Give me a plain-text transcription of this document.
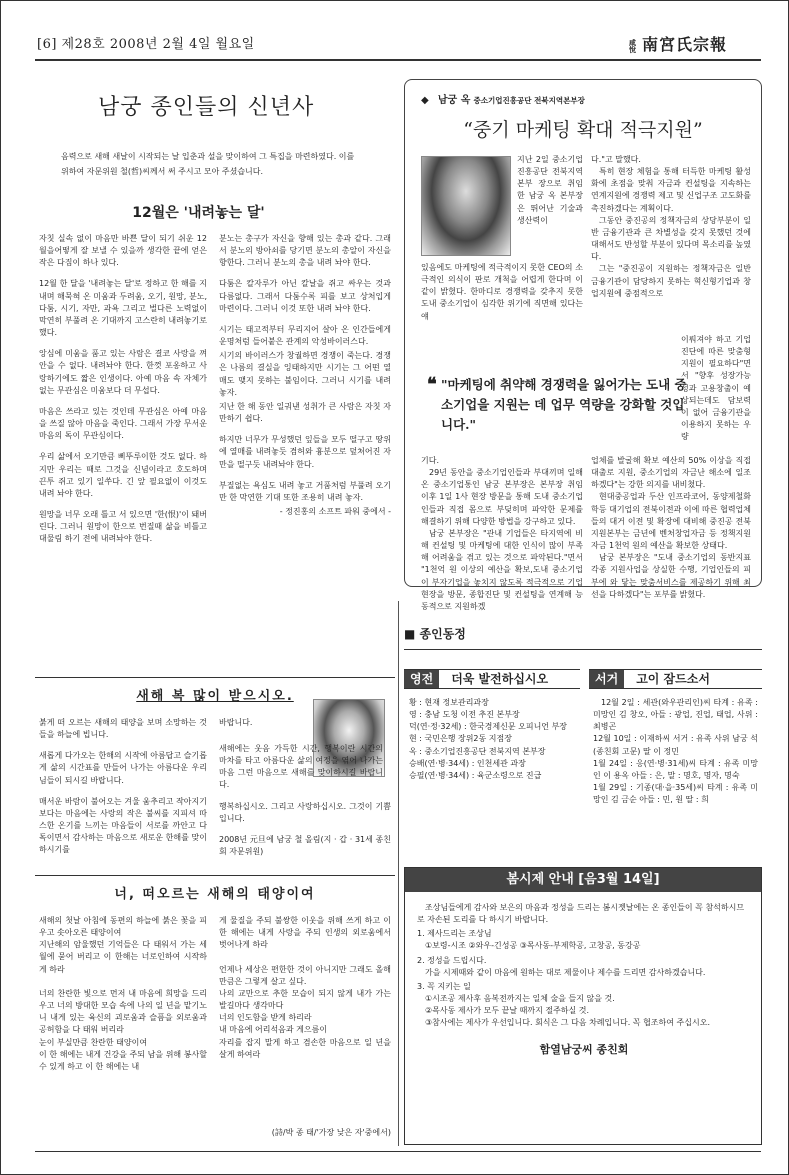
[6] 제28호 2008년 2월 4일 월요일	咸悅 南宮氏宗報
남궁 종인들의 신년사
음력으로 새해 새날이 시작되는 날 입춘과 설을 맞이하여 그 특집을 마련하였다. 이를 위하여 자문위원 철(哲)씨께서 써 주시고 모아 주셨습니다.
12월은 '내려놓는 달'

자칫 실속 없이 마음만 바쁜 달이 되기 쉬운 12월을어떻게 잘 보낼 수 있을까 생각한 끝에 얻은 작은 다짐이 하나 있다.

12월 한 달을 '내려놓는 달'로 정하고 한 해를 지내며 해묵혀 온 미움과 두려움, 오기, 원망, 분노, 다툼, 시기, 자만, 과욕 그리고 벌다른 노력없이 막연히 부풀려 온 기대까지 고스란히 내려놓기로 했다.

앙심에 미움을 품고 있는 사람은 결코 사랑을 껴안을 수 없다. 내려놔야 한다. 한껏 포옹하고 사랑하기에도 짧은 인생이다. 아예 마음 속 자체가 없는 무관심은 미움보다 더 무섭다.

마음은 쓰라고 있는 것인데 무관심은 아예 마음을 쓰질 않아 마음을 죽인다. 그래서 가장 무서운 마음의 독이 무관심이다.

우리 삶에서 오기만큼 삐뚜루이한 것도 없다. 하지만 우리는 때로 그것을 신념이라고 호도하며 끈투 쥐고 있기 일쑤다. 긴 앞 필요없이 이것도 내려 놔야 한다.

원망을 너무 오래 틀고 서 있으면 '한(恨)'이 돼버린다. 그러니 원망이 한으로 번질때 삶을 비틀고 대물림 하기 전에 내려놔야 한다.

분노는 총구가 자신을 향해 있는 총과 같다. 그래서 분노의 방아쇠를 당기면 분노의 총알이 자신을 향한다. 그러니 분노의 총을 내려 놔야 한다.

다툼은 칼자루가 아닌 칼날을 쥐고 싸우는 것과 다름없다. 그래서 다툼수록 피를 보고 상처입게 마련이다. 그러니 이것 또한 내려 놔야 한다.

시기는 태고적부터 무리지어 살아 온 인간들에게 운명처럼 들어붙은 관계의 악성바이러스다.

시기의 바이러스가 창궐하면 경쟁이 죽는다. 경쟁은 나름의 결실을 잉태하지만 시기는 그 어떤 열매도 맺지 못하는 불임이다. 그러니 시기를 내려 놓자.

지난 한 해 동안 일궈낸 성취가 큰 사람은 자칫 자만하기 쉽다.

하지만 너무가 무성했던 잎들을 모두 떨구고 땅위에 열매를 내려놓듯 겸허와 흉분으로 덮쳐어진 자만을 떨구듯 내려놔야 한다.

부질없는 욕심도 내려 놓고 거품처럼 부풀려 오기만 한 막연한 기대 또한 조용히 내려 놓자.

- 정진홍의 소프트 파워 중에서 -
◆ 남궁 옥 중소기업진흥공단 전북지역본부장
“중기 마케팅 확대 적극지원”
지난 2일 중소기업진흥공단 전북지역 본부 장으로 취임한 남궁 옥 본부장은 뛰어난 기술과 생산력이
있음에도 마케팅에 적극적이지 못한 CEO의 소극적인 의식이 판로 개척을 어렵게 한다며 이같이 밝혔다. 한마디로 경쟁력을 갖추지 못한 도내 중소기업이 심각한 위기에 직면해 있다는 얘
❝ "마케팅에 취약해 경쟁력을 잃어가는 도내 중소기업을 지원는 데 업무 역량을 강화할 것입니다."
기다.
29년 동안을 중소기업인들과 부대끼며 일해온 중소기업통인 남궁 본부장은 본부장 취임 이후 1일 1사 현장 방문을 통해 도내 중소기업인들과 직접 몸으로 부딪히며 파악한 문제를 해결하기 위해 다양한 방법을 강구하고 있다.
남궁 본부장은 "관내 기업들은 타지역에 비해 컨설팅 및 마케팅에 대한 인식이 많이 부족해 어려움을 겪고 있는 것으로 파악된다."면서 "1천억 원 이상의 예산을 확보,도내 중소기업이 부자기업을 놓치지 않도록 적극적으로 기업현장을 방문, 종합진단 및 컨설팅을 연계해 능동적으로 지원하겠
다."고 말했다.
특히 현장 체험을 통해 터득한 마케팅 활성화에 초점을 맞춰 자금과 컨설팅을 지속하는 연계지원에 경쟁력 제고 및 신업구조 고도화를 촉진하겠다는 계획이다.
그동안 중진공의 정책자금의 상당부분이 일반 금융기관과 큰 차별성을 갖지 못했던 것에 대해서도 반성할 부분이 있다며 목소리를 높였다.
그는 "중진공이 지원하는 정책자금은 일반 금융기관이 담당하지 못하는 혁신형기업과 창업지원에 중점적으로
이뤄져야 하고 기업진단에 따른 맞춤형 지원이 필요하다"면서 "향후 성장가능성과 고용창출이 예상되는데도 담보력이 없어 금융기관을 이용하지 못하는 우량
업체를 발굴해 확보 예산의 50% 이상을 직접대출로 지원, 중소기업의 자금난 해소에 일조하겠다"는 강한 의지를 내비쳤다.
현대중공업과 두산 인프라코어, 동양제철화학등 대기업의 전북이전과 이에 따른 협력업체들의 대거 이전 및 확장에 대비해 중진공 전북지원본부는 금년에 벤처창업자금 등 정책지원자금 1천억 원의 예산을 확보한 상태다.
남궁 본부장은 "도내 중소기업의 동반지표 각종 지원사업을 상실한 수행, 기업인들의 피부에 와 닿는 맞춤서비스를 제공하기 위해 최선을 다하겠다"는 포부를 밝혔다.
새해 복 많이 받으시오.

붉게 떠 오르는 새해의 태양을 보며 소망하는 것들을 하늘에 빕니다.

새롭게 다가오는 한해의 시작에 아름답고 슬기롭게 삶의 시간표를 만들어 나가는 아름다운 우리님들이 되시길 바랍니다.

매서운 바람이 불어오는 겨울 움추리고 작아지기보다는 마음에는 사랑의 작은 불씨를 지피셔 따스한 온기를 느끼는 마음들이 서로를 까안고 다독이면서 감사하는 마음으로 새로운 한해를 맞이 하시기를

바랍니다.

새해에는 웃음 가득한 시간, 행복이란 시간의 마차를 타고 아름다운 삶의 여정을 엮어 나가는 마음 그런 마음으로 새해를 맞이하시길 바랍니다.

행복하십시오. 그리고 사랑하십시오. 그것이 기쁨입니다.

2008년 元旦에 남궁 철 올림(지 · 갑 · 31세 종친회 자문위원)

너, 떠오르는 새해의 태양이여
새해의 첫날 아침에 동편의 하늘에 붉은 꽃을 피우고 솟아오른 태양이여
지난해의 암울했던 기억들은 다 태워서 가는 세월에 묻어 버리고 이 한해는 너로인하여 시작하게 하라

너의 찬란한 빛으로 먼저 내 마음에 희망을 드리우고 너의 방대한 모습 속에 나의 일 년을 맡기노니 내게 있는 육신의 괴로움과 슬픔을 외로움과 공허함을 다 태워 버리라
눈이 부실만큼 찬란한 태양이여
이 한 해에는 내게 건강을 주되 남을 위해 봉사할 수 있게 하고 이 한 해에는 내
게 물질을 주되 불쌍한 이웃을 위해 쓰게 하고 이 한 해에는 내게 사랑을 주되 인생의 외로움에서 벗어나게 하라

언제나 세상은 편한한 것이 아니지만 그래도 올해만큼은 그렇게 살고 싶다.
나의 교만으로 추한 모습이 되지 않게 내가 가는 발길마다 생각마다
너의 인도함을 받게 하리라
내 마음에 어리석음과 게으름이
자리를 잡지 말게 하고 겸손한 마음으로 일 년을 살게 하여라
(詩/박 종 태/'가장 낮은 자'중에서)
■ 종인동정
영전 더욱 발전하십시오
황 : 현재 정보관리과장
영 : 충남 도청 이전 추진 본부장
덕(연·정·32세) : 한국경제신문 오피니언 부장
현 : 국민은행 장위2동 지점장
옥 : 중소기업진흥공단 전북지역 본부장
승배(연·병·34세) : 인천세관 과장
승필(연·병·34세) : 육군소령으로 진급
서거 고이 잠드소서
12월 2일 : 세관(와우관리인)씨 타계 : 유족 : 미망인 김 창오, 아들 : 광업, 진업, 태업, 사위 : 최병곤
12월 10일 : 이재하씨 서거 : 유족 사위 남궁 석(종친회 고문) 딸 이 정민
1월 24일 : 응(연·병·31세)씨 타계 : 유족 미망인 이 용옥 아들 : 은, 말 : 명호, 명자, 명숙
1월 29일 : 기종(대·을·35세)씨 타계 : 유족 미망인 김 금순 아들 : 민, 원 딸 : 희
봄시제 안내 [음3월 14일]
조상님들에게 감사와 보은의 마음과 정성을 드리는 봄시젯날에는 온 종인들이 꼭 참석하시므로 자손된 도리를 다 하시기 바랍니다.
1. 제사드리는 조상님
①보령-시조 ②와우-긴성공 ③목사동-부제학공, 고창공, 동강공
2. 정성을 드립시다.
가을 시제때와 같이 마음에 원하는 대로 제물이나 제수를 드리면 감사하겠습니다.
3. 꼭 지키는 일
①시조공 제사후 음복전까지는 일체 술을 들지 않을 것.
②목사동 제사가 모두 끝날 때까지 절주하실 것.
③참사에는 제사가 우선입니다. 회식은 그 다음 차례입니다. 꼭 협조하여 주십시오.
함열남궁씨 종친회
